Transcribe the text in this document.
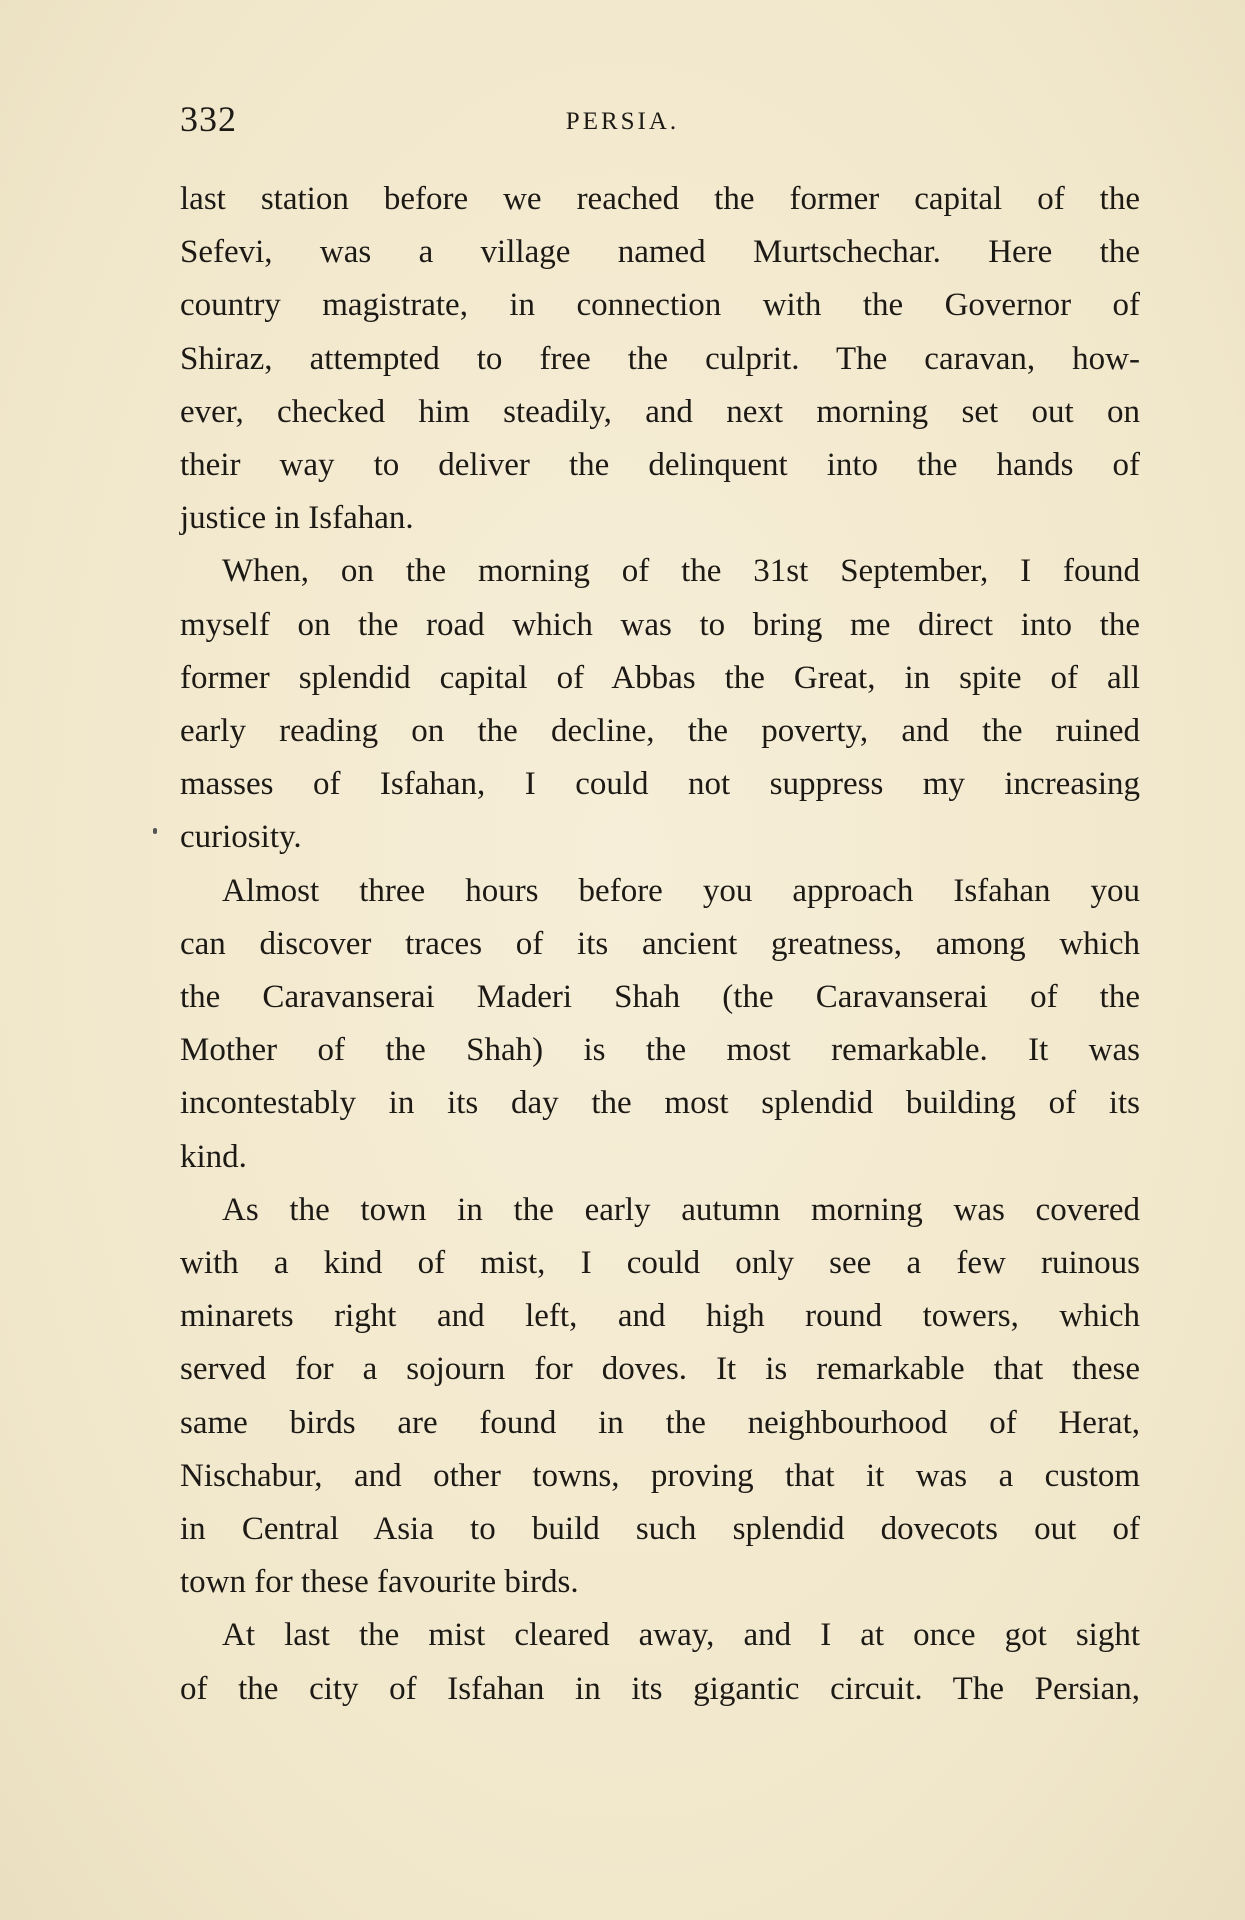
332	PERSIA.
last station before we reached the former capital of the
Sefevi, was a village named Murtschechar. Here the
country magistrate, in connection with the Governor of
Shiraz, attempted to free the culprit. The caravan, how-
ever, checked him steadily, and next morning set out on
their way to deliver the delinquent into the hands of
justice in Isfahan.
When, on the morning of the 31st September, I found
myself on the road which was to bring me direct into the
former splendid capital of Abbas the Great, in spite of all
early reading on the decline, the poverty, and the ruined
masses of Isfahan, I could not suppress my increasing
curiosity.
Almost three hours before you approach Isfahan you
can discover traces of its ancient greatness, among which
the Caravanserai Maderi Shah (the Caravanserai of the
Mother of the Shah) is the most remarkable. It was
incontestably in its day the most splendid building of its
kind.
As the town in the early autumn morning was covered
with a kind of mist, I could only see a few ruinous
minarets right and left, and high round towers, which
served for a sojourn for doves. It is remarkable that these
same birds are found in the neighbourhood of Herat,
Nischabur, and other towns, proving that it was a custom
in Central Asia to build such splendid dovecots out of
town for these favourite birds.
At last the mist cleared away, and I at once got sight
of the city of Isfahan in its gigantic circuit. The Persian,
